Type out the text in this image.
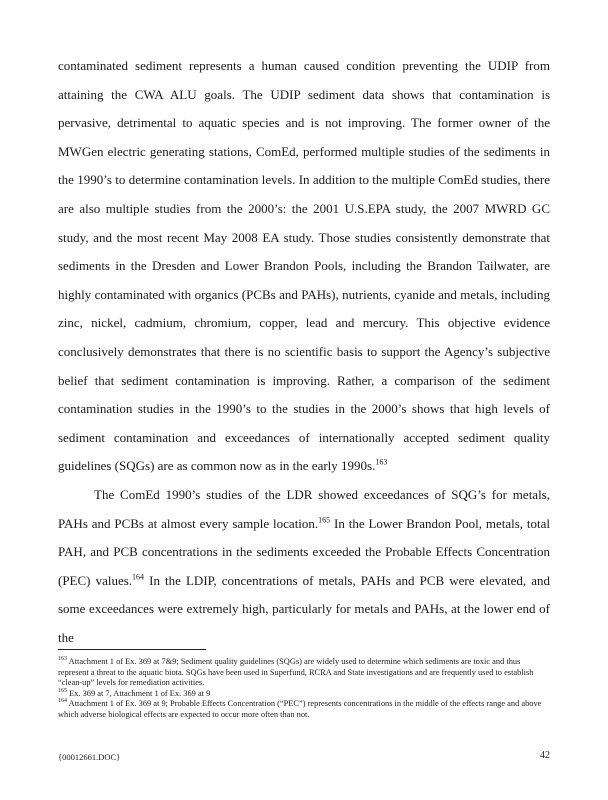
contaminated sediment represents a human caused condition preventing the UDIP from attaining the CWA ALU goals. The UDIP sediment data shows that contamination is pervasive, detrimental to aquatic species and is not improving. The former owner of the MWGen electric generating stations, ComEd, performed multiple studies of the sediments in the 1990’s to determine contamination levels. In addition to the multiple ComEd studies, there are also multiple studies from the 2000’s: the 2001 U.S.EPA study, the 2007 MWRD GC study, and the most recent May 2008 EA study. Those studies consistently demonstrate that sediments in the Dresden and Lower Brandon Pools, including the Brandon Tailwater, are highly contaminated with organics (PCBs and PAHs), nutrients, cyanide and metals, including zinc, nickel, cadmium, chromium, copper, lead and mercury. This objective evidence conclusively demonstrates that there is no scientific basis to support the Agency’s subjective belief that sediment contamination is improving. Rather, a comparison of the sediment contamination studies in the 1990’s to the studies in the 2000’s shows that high levels of sediment contamination and exceedances of internationally accepted sediment quality guidelines (SQGs) are as common now as in the early 1990s.$^{163}$

The ComEd 1990’s studies of the LDR showed exceedances of SQG’s for metals, PAHs and PCBs at almost every sample location.$^{165}$ In the Lower Brandon Pool, metals, total PAH, and PCB concentrations in the sediments exceeded the Probable Effects Concentration (PEC) values.$^{164}$ In the LDIP, concentrations of metals, PAHs and PCB were elevated, and some exceedances were extremely high, particularly for metals and PAHs, at the lower end of the

$^{163}$ Attachment 1 of Ex. 369 at 7&9; Sediment quality guidelines (SQGs) are widely used to determine which sediments are toxic and thus represent a threat to the aquatic biota. SQGs have been used in Superfund, RCRA and State investigations and are frequently used to establish “clean-up” levels for remediation activities.

$^{165}$ Ex. 369 at 7, Attachment 1 of Ex. 369 at 9

$^{164}$ Attachment 1 of Ex. 369 at 9; Probable Effects Concentration (“PEC”) represents concentrations in the middle of the effects range and above which adverse biological effects are expected to occur more often than not.

{00012661.DOC}	42
